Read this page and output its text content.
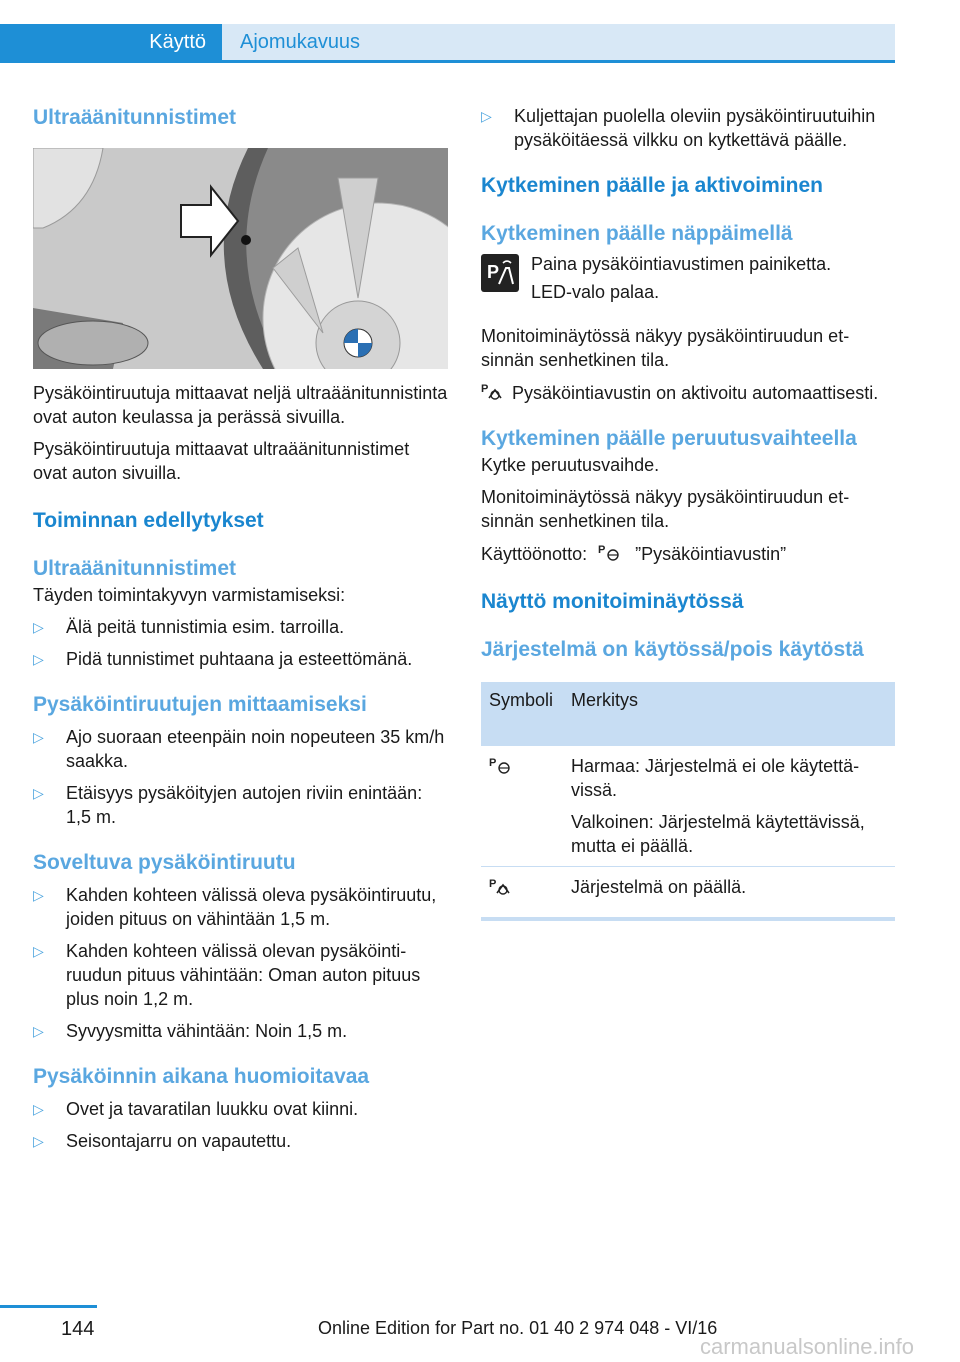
Käyttö	Ajomukavuus
Ultraäänitunnistimet

Pysäköintiruutuja mittaavat neljä ultraäänitunnistinta ovat auton keulassa ja perässä sivuilla.

Pysäköintiruutuja mittaavat ultraäänitunnistimet ovat auton sivuilla.

Toiminnan edellytykset
Ultraäänitunnistimet

Täyden toimintakyvyn varmistamiseksi:

▷ Älä peitä tunnistimia esim. tarroilla.
▷ Pidä tunnistimet puhtaana ja esteettömänä.
Pysäköintiruutujen mittaamiseksi
▷ Ajo suoraan eteenpäin noin nopeuteen 35 km/h saakka.
▷ Etäisyys pysäköityjen autojen riviin enintään: 1,5 m.
Soveltuva pysäköintiruutu
▷ Kahden kohteen välissä oleva pysäköintiruutu, joiden pituus on vähintään 1,5 m.
▷ Kahden kohteen välissä olevan pysäköintiruudun pituus vähintään: Oman auton pituus plus noin 1,2 m.
▷ Syvyysmitta vähintään: Noin 1,5 m.
Pysäköinnin aikana huomioitavaa
▷ Ovet ja tavaratilan luukku ovat kiinni.
▷ Seisontajarru on vapautettu.
▷ Kuljettajan puolella oleviin pysäköintiruutuihin pysäköitäessä vilkku on kytkettävä päälle.
Kytkeminen päälle ja aktivoiminen
Kytkeminen päälle näppäimellä
P Paina pysäköintiavustimen painiketta.

LED-valo palaa.

Monitoiminäytössä näkyy pysäköintiruudun etsinnän senhetkinen tila.

P Pysäköintiavustin on aktivoitu automaattisesti.

Kytkeminen päälle peruutusvaihteella

Kytke peruutusvaihde.

Monitoiminäytössä näkyy pysäköintiruudun etsinnän senhetkinen tila.

Käyttöönotto: P ”Pysäköintiavustin”

Näyttö monitoiminäytössä
Järjestelmä on käytössä/pois käytöstä
Symboli	Merkitys

P	Harmaa: Järjestelmä ei ole käytettävissä.
Valkoinen: Järjestelmä käytettävissä, mutta ei päällä.

P	Järjestelmä on päällä.
144	Online Edition for Part no. 01 40 2 974 048 - VI/16
carmanualsonline.info
